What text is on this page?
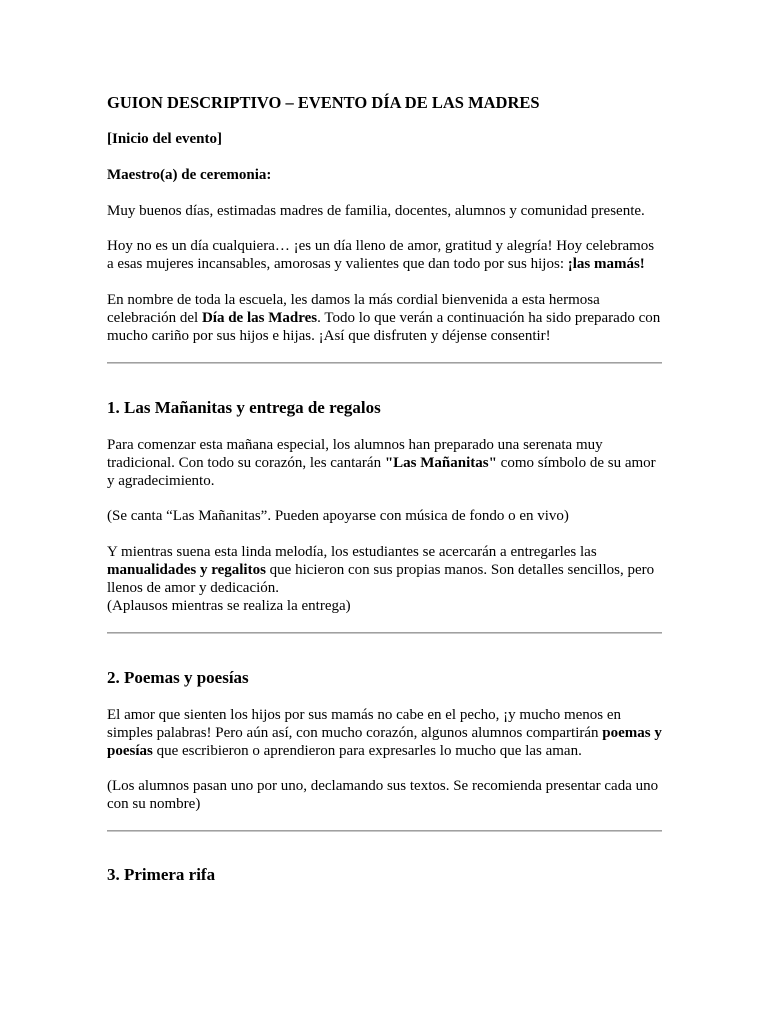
GUION DESCRIPTIVO – EVENTO DÍA DE LAS MADRES

[Inicio del evento]

Maestro(a) de ceremonia:

Muy buenos días, estimadas madres de familia, docentes, alumnos y comunidad presente.

Hoy no es un día cualquiera… ¡es un día lleno de amor, gratitud y alegría! Hoy celebramos a esas mujeres incansables, amorosas y valientes que dan todo por sus hijos: ¡las mamás!

En nombre de toda la escuela, les damos la más cordial bienvenida a esta hermosa celebración del Día de las Madres. Todo lo que verán a continuación ha sido preparado con mucho cariño por sus hijos e hijas. ¡Así que disfruten y déjense consentir!

1. Las Mañanitas y entrega de regalos

Para comenzar esta mañana especial, los alumnos han preparado una serenata muy tradicional. Con todo su corazón, les cantarán "Las Mañanitas" como símbolo de su amor y agradecimiento.

(Se canta “Las Mañanitas”. Pueden apoyarse con música de fondo o en vivo)

Y mientras suena esta linda melodía, los estudiantes se acercarán a entregarles las manualidades y regalitos que hicieron con sus propias manos. Son detalles sencillos, pero llenos de amor y dedicación.
(Aplausos mientras se realiza la entrega)

2. Poemas y poesías

El amor que sienten los hijos por sus mamás no cabe en el pecho, ¡y mucho menos en simples palabras! Pero aún así, con mucho corazón, algunos alumnos compartirán poemas y poesías que escribieron o aprendieron para expresarles lo mucho que las aman.

(Los alumnos pasan uno por uno, declamando sus textos. Se recomienda presentar cada uno con su nombre)

3. Primera rifa
